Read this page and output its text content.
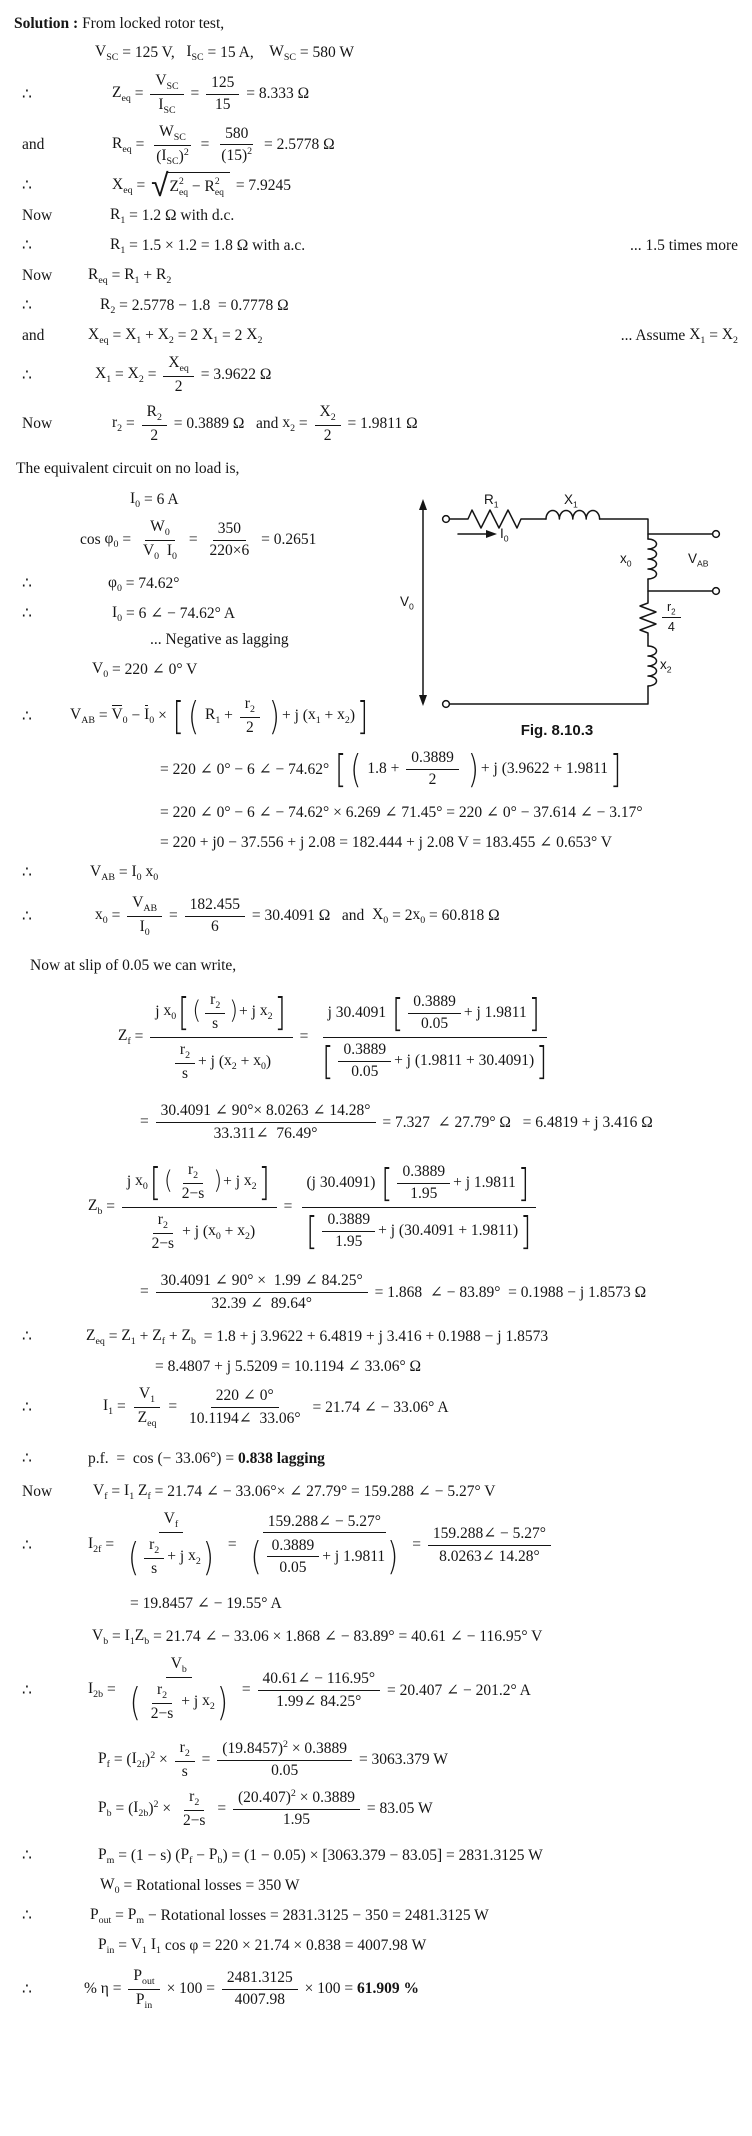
Solution : From locked rotor test,
$V_{SC} = 125$ V, $I_{SC} = 15$ A, $W_{SC} = 580$ W
∴	$Z_{eq} = \frac{V_{SC}}{I_{SC}} = \frac{125}{15} = 8.333$ Ω
and	$R_{eq} = \frac{W_{SC}}{( I_{SC} ) ^2} = \frac{580}{(15) ^2} = 2.5778$ Ω
∴	$X_{eq}$ = √ Z 2
eq − R 2
eq = 7.9245
Now	$R_1 = 1.2$ Ω with d.c.
∴	$R_1 = 1.5 \times 1.2 = 1.8$ Ω with a.c.	... 1.5 times more
Now $R_{eq} = R_1 + R_2$
∴	$R_2 = 2.5778 - 1.8 = 0.7778$ Ω
and	$X_{eq} = X_1 + X_2 = 2$ $X_1 = 2$ $X_2$	... Assume $X_1 = X_2$
∴	$X_1 = X_2 = \frac{X_{eq}}{2} = 3.9622$ Ω
Now	$r_2 = \frac{R_2}{2} = 0.3889$ Ω   and $x_2 = \frac{X_2}{2} = 1.9811$ Ω
The equivalent circuit on no load is,
$I_0 = 6$ A
$\cos \varphi_0 = W_0$
$V_0$
$I_0 = \frac{350}{220\times 6} = 0.2651$
∴	$\varphi_0 = 74.62^\circ$
∴	$I_0 = 6$ ∠ − 74.62° A
... Negative as lagging
$V_0 = 220$ ∠ 0° V
∴ $V_{AB} = V_0 - I_0$ × [ (
$R_1 + \frac{r_2}{2}$
) + j ( $x_1 + x_2$ ) ]
= 220 ∠ 0° − 6 ∠ − 74.62° [ ( $1.8 + \frac{0.3889}{2}$
) + j (3.9622 + 1.9811 ]
= 220 ∠ 0° − 6 ∠ − 74.62° × 6.269 ∠ 71.45° = 220 ∠ 0° − 37.614 ∠ − 3.17°
= 220 + j0 − 37.556 + j 2.08 = 182.444 + j 2.08 V = 183.455 ∠ 0.653° V
∴	$V_{AB} = I_0$
$x_0$
∴	$x_0 = \frac{V_{AB}}{I_0} = \frac{182.455}{6} = 30.4091$ Ω   and $X_0 = 2$ $x_0 = 60.818$ Ω
Now at slip of 0.05 we can write,
$Z_f = \frac{j x_0 [ ( \frac{r_2}{s} ) + j x_2 ]}{\frac{r_2}{s} + j ( x_2 + x_0 )} = \frac{j 30.4091 [ \frac{0.3889}{0.05} + j 1.9811 ]}{[ \frac{0.3889}{0.05} + j (1.9811 + 30.4091) ]}$
= $\frac{30.4091 \angle 90^\circ\times 8.0263 \angle 14.28^\circ}{33.311\angle 76.49^\circ} = 7.327$  ∠ 27.79° Ω   = 6.4819 + j 3.416 Ω
$Z_b = \frac{j x_0 [ ( \frac{r_2}{2-s} ) + j x_2 ]}{\frac{r_2}{2-s} + j ( x_0 + x_2 )} = \frac{(j 30.4091) [ \frac{0.3889}{1.95} + j 1.9811 ]}{[ \frac{0.3889}{1.95} + j (30.4091 + 1.9811) ]}$
= $\frac{30.4091 \angle 90^\circ \times 1.99 \angle 84.25^\circ}{32.39 \angle 89.64^\circ} = 1.868$  ∠ − 83.89°  = 0.1988 − j 1.8573 Ω
∴	$Z_{eq} = Z_1 + Z_f + Z_b = 1.8 + j$ 3.9622 + 6.4819 + j 3.416 + 0.1988 − j 1.8573
= 8.4807 + j 5.5209 = 10.1194 ∠ 33.06° Ω
∴	$I_1 = \frac{V_1}{Z_{eq}} = \frac{220 \angle 0^\circ}{10.1194\angle 33.06^\circ} = 21.74$ ∠ − 33.06° A
∴	p.f.  =  cos (− 33.06°) = 0.838 lagging
Now	$V_f = I_1$
$Z_f = 21.74$ ∠ − 33.06°× ∠ 27.79° = 159.288 ∠ − 5.27° V
∴	$I_{2f} = \frac{V_f}{( \frac{r_2}{s} + j x_2 )} = \frac{159.288\angle - 5.27^\circ}{( \frac{0.3889}{0.05} + j 1.9811 )} = \frac{159.288\angle - 5.27^\circ}{8.0263\angle 14.28^\circ}$
= 19.8457 ∠ − 19.55° A
$V_b = I_1$ $Z_b = 21.74$ ∠ − 33.06 × 1.868 ∠ − 83.89° = 40.61 ∠ − 116.95° V
∴	$I_{2b} = \frac{V_b}{( \frac{r_2}{2-s} + j x_2 )} = \frac{40.61\angle - 116.95^\circ}{1.99\angle 84.25^\circ} = 20.407$ ∠ − 201.2° A
$P_f$ = ( $I_{2f}$ ) $^2 \times \frac{r_2}{s} = \frac{(19.8457) ^2 \times 0.3889}{0.05} = 3063.379$ W
$P_b$ = ( $I_{2b}$ ) $^2 \times \frac{r_2}{2-s} = \frac{(20.407) ^2 \times 0.3889}{1.95} = 83.05$ W
∴	$P_m = (1 - s)$ ( $P_f - P_b$ ) = (1 − 0.05) × [3063.379 − 83.05] = 2831.3125 W
$W_0$ = Rotational losses = 350 W
∴	$P_{out} = P_m$ − Rotational losses = 2831.3125 − 350 = 2481.3125 W
$P_{in} = V_1$
$I_1$ cos φ = 220 × 21.74 × 0.838 = 4007.98 W
∴	% $\eta = \frac{P_{out}}{P_{in}} \times 100 = \frac{2481.3125}{4007.98} \times 100 = 61.909$ %
$R_1$	$X_1$
$I_0$
$x_0$	$V_{AB}$
$V_0$	$\frac{r_2}{4}$
$x_2$
Fig. 8.10.3
